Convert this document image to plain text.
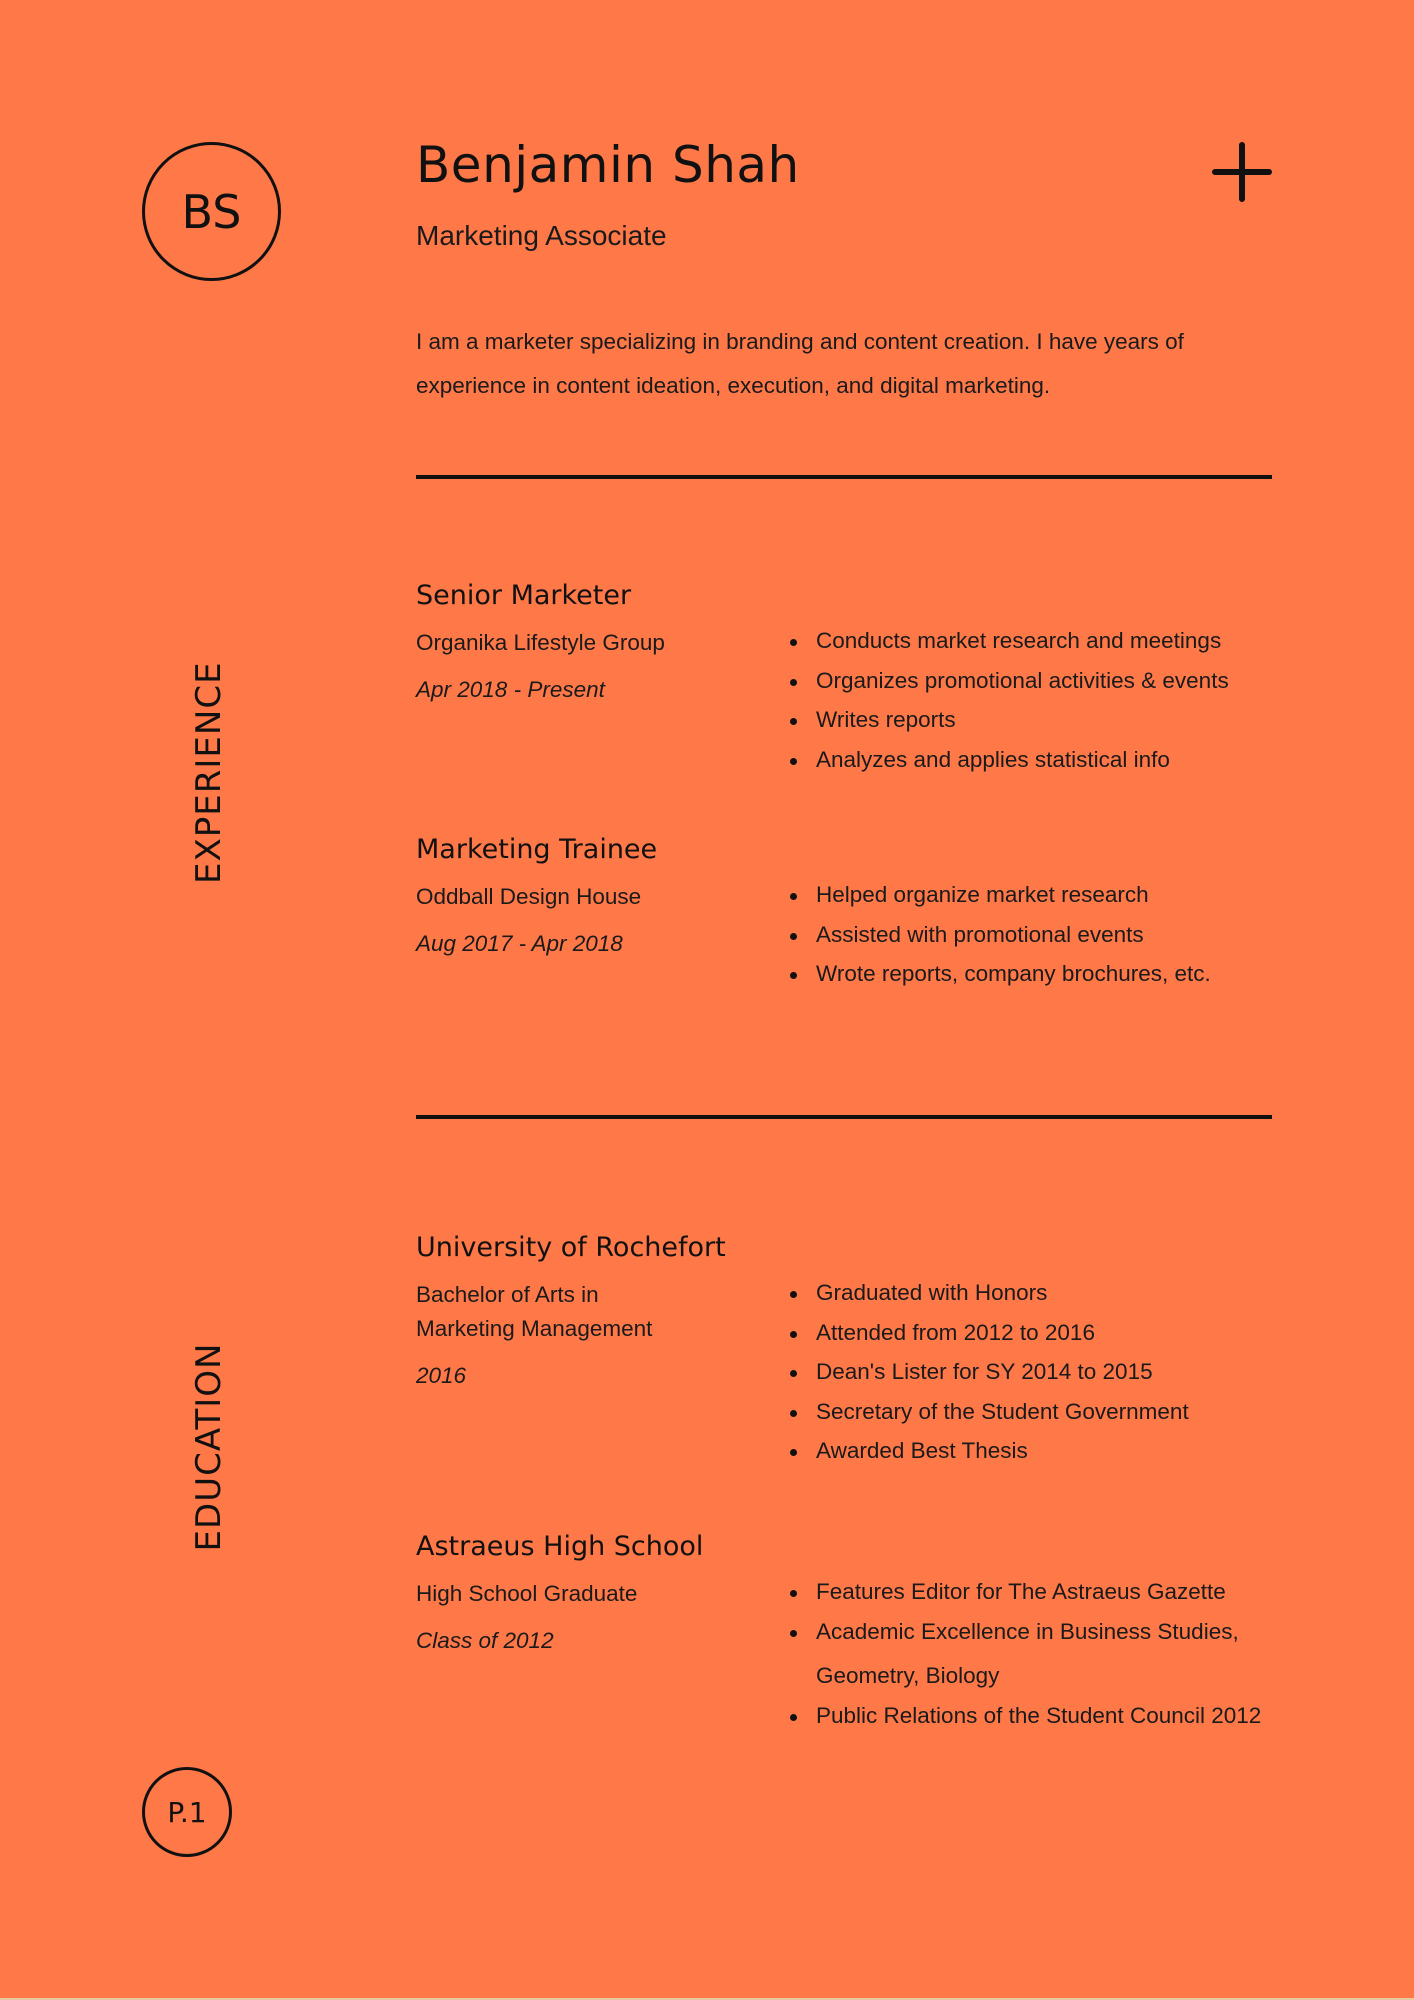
BS
Benjamin Shah
Marketing Associate

I am a marketer specializing in branding and content creation. I have years of experience in content ideation, execution, and digital marketing.

EXPERIENCE
Senior Marketer
Organika Lifestyle Group
Apr 2018 - Present
Conducts market research and meetings
Organizes promotional activities & events
Writes reports
Analyzes and applies statistical info
Marketing Trainee
Oddball Design House
Aug 2017 - Apr 2018
Helped organize market research
Assisted with promotional events
Wrote reports, company brochures, etc.
EDUCATION
University of Rochefort
Bachelor of Arts in
Marketing Management
2016
Graduated with Honors
Attended from 2012 to 2016
Dean's Lister for SY 2014 to 2015
Secretary of the Student Government
Awarded Best Thesis
Astraeus High School
High School Graduate
Class of 2012
Features Editor for The Astraeus Gazette
Academic Excellence in Business Studies, Geometry, Biology
Public Relations of the Student Council 2012
P.1
